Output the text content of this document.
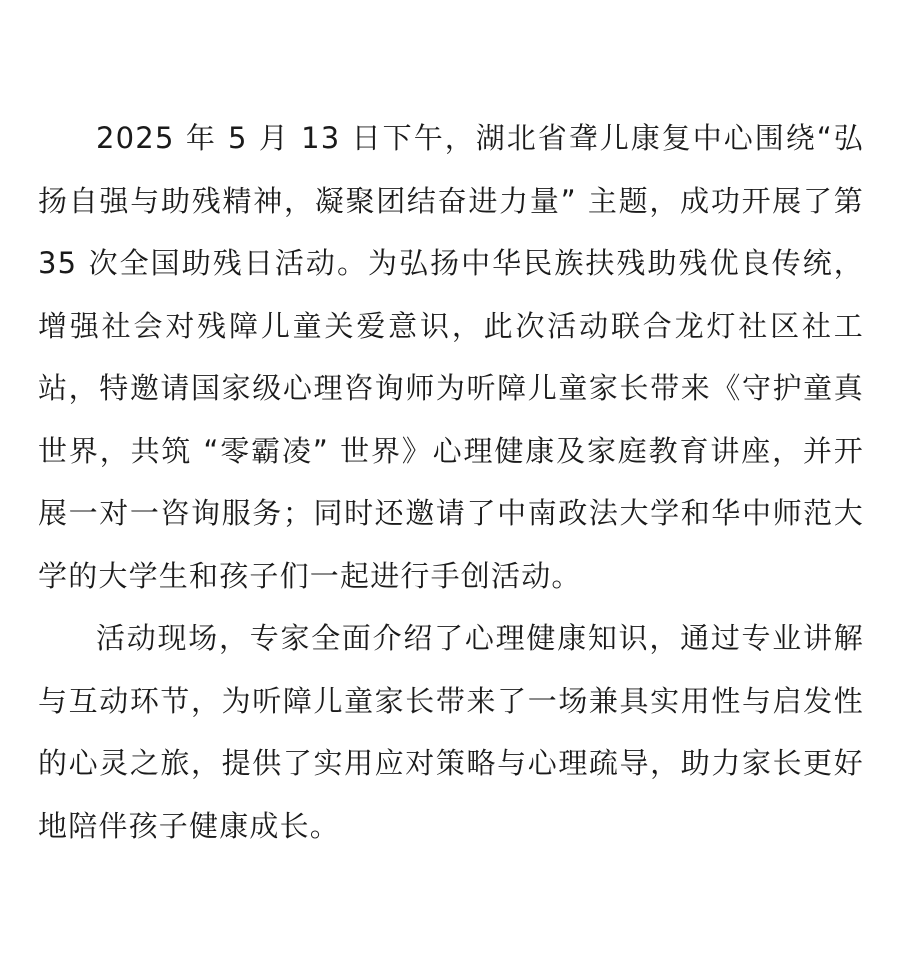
2025 年 5 月 13 日下午，湖北省聋儿康复中心围绕“弘扬自强与助残精神，凝聚团结奋进力量” 主题，成功开展了第 35 次全国助残日活动。为弘扬中华民族扶残助残优良传统，增强社会对残障儿童关爱意识，此次活动联合龙灯社区社工站，特邀请国家级心理咨询师为听障儿童家长带来《守护童真世界，共筑 “零霸凌” 世界》心理健康及家庭教育讲座，并开展一对一咨询服务；同时还邀请了中南政法大学和华中师范大学的大学生和孩子们一起进行手创活动。

活动现场，专家全面介绍了心理健康知识，通过专业讲解与互动环节，为听障儿童家长带来了一场兼具实用性与启发性的心灵之旅，提供了实用应对策略与心理疏导，助力家长更好地陪伴孩子健康成长。
